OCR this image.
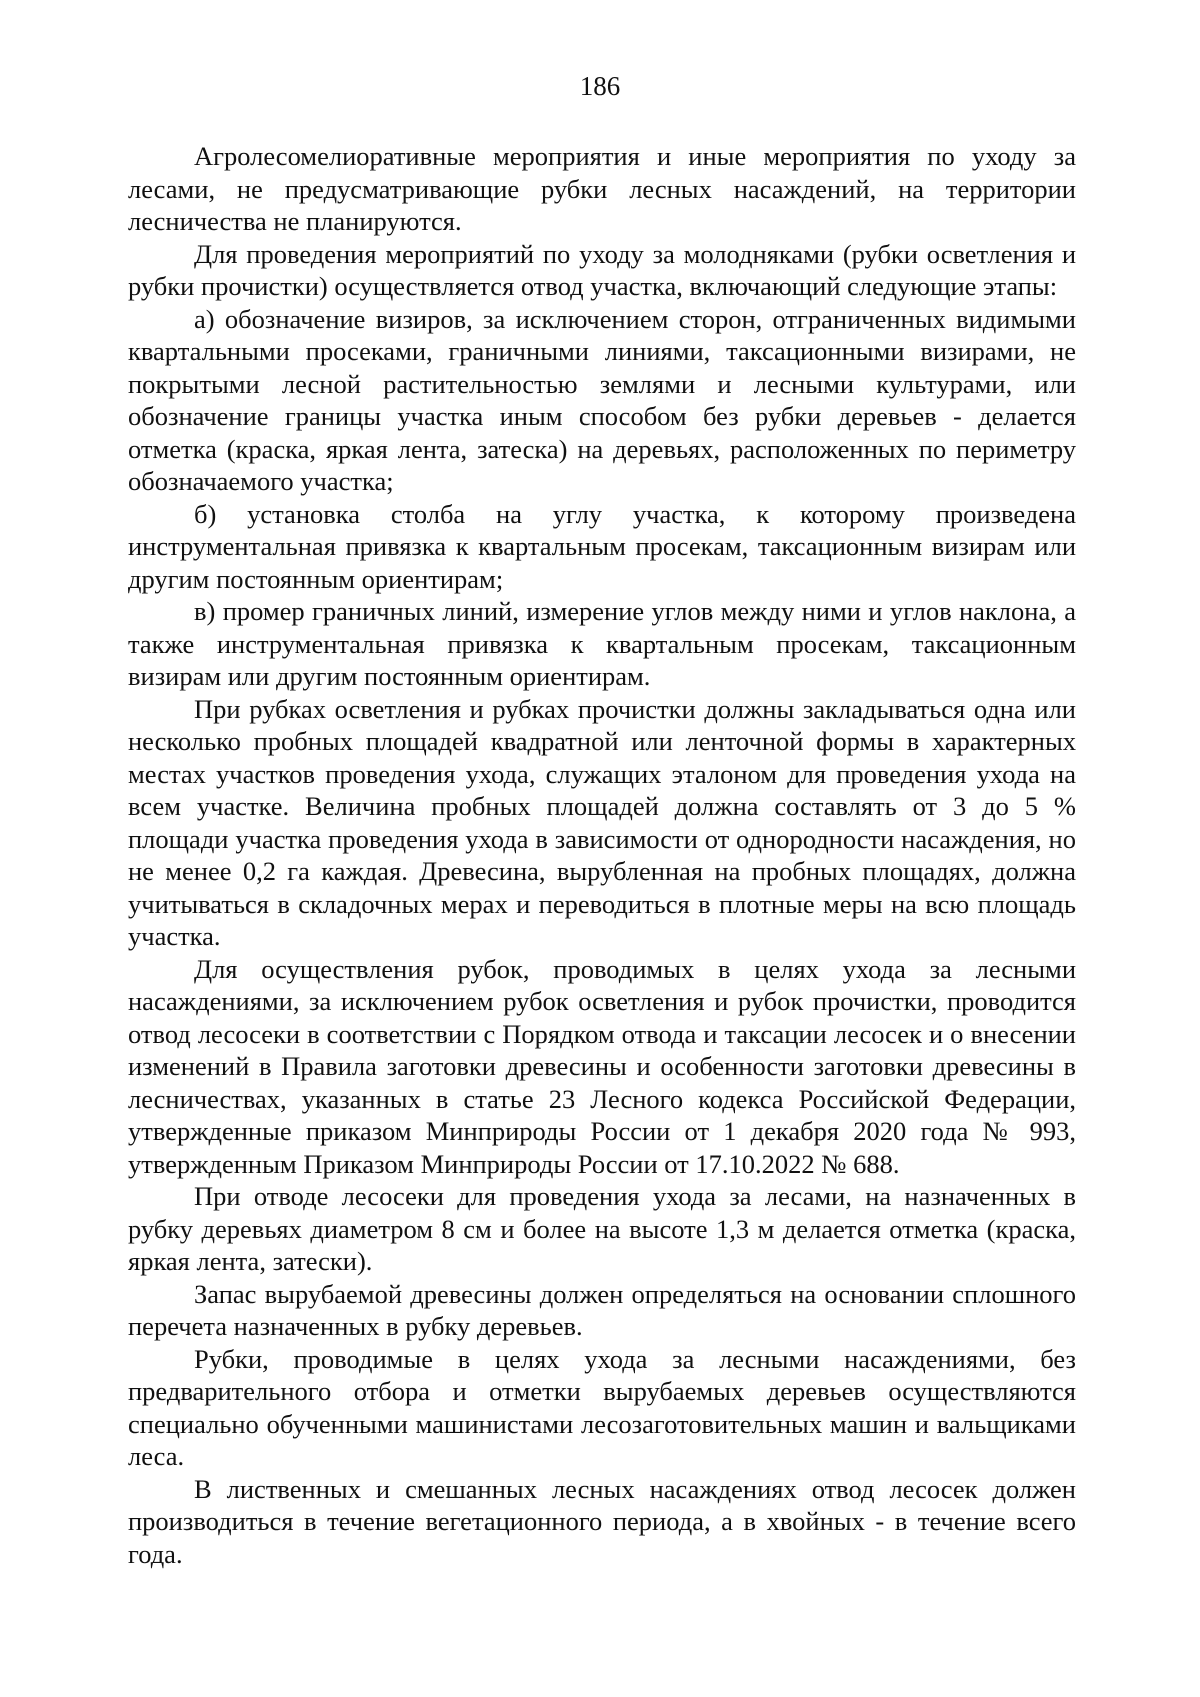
186

Агролесомелиоративные мероприятия и иные мероприятия по уходу за лесами, не предусматривающие рубки лесных насаждений, на территории лесничества не планируются.

Для проведения мероприятий по уходу за молодняками (рубки осветления и рубки прочистки) осуществляется отвод участка, включающий следующие этапы:

а) обозначение визиров, за исключением сторон, отграниченных видимыми квартальными просеками, граничными линиями, таксационными визирами, не покрытыми лесной растительностью землями и лесными культурами, или обозначение границы участка иным способом без рубки деревьев - делается отметка (краска, яркая лента, затеска) на деревьях, расположенных по периметру обозначаемого участка;

б) установка столба на углу участка, к которому произведена инструментальная привязка к квартальным просекам, таксационным визирам или другим постоянным ориентирам;

в) промер граничных линий, измерение углов между ними и углов наклона, а также инструментальная привязка к квартальным просекам, таксационным визирам или другим постоянным ориентирам.

При рубках осветления и рубках прочистки должны закладываться одна или несколько пробных площадей квадратной или ленточной формы в характерных местах участков проведения ухода, служащих эталоном для проведения ухода на всем участке. Величина пробных площадей должна составлять от 3 до 5 % площади участка проведения ухода в зависимости от однородности насаждения, но не менее 0,2 га каждая. Древесина, вырубленная на пробных площадях, должна учитываться в складочных мерах и переводиться в плотные меры на всю площадь участка.

Для осуществления рубок, проводимых в целях ухода за лесными насаждениями, за исключением рубок осветления и рубок прочистки, проводится отвод лесосеки в соответствии с Порядком отвода и таксации лесосек и о внесении изменений в Правила заготовки древесины и особенности заготовки древесины в лесничествах, указанных в статье 23 Лесного кодекса Российской Федерации, утвержденные приказом Минприроды России от 1 декабря 2020 года № 993, утвержденным Приказом Минприроды России от 17.10.2022 № 688.

При отводе лесосеки для проведения ухода за лесами, на назначенных в рубку деревьях диаметром 8 см и более на высоте 1,3 м делается отметка (краска, яркая лента, затески).

Запас вырубаемой древесины должен определяться на основании сплошного перечета назначенных в рубку деревьев.

Рубки, проводимые в целях ухода за лесными насаждениями, без предварительного отбора и отметки вырубаемых деревьев осуществляются специально обученными машинистами лесозаготовительных машин и вальщиками леса.

В лиственных и смешанных лесных насаждениях отвод лесосек должен производиться в течение вегетационного периода, а в хвойных - в течение всего года.
